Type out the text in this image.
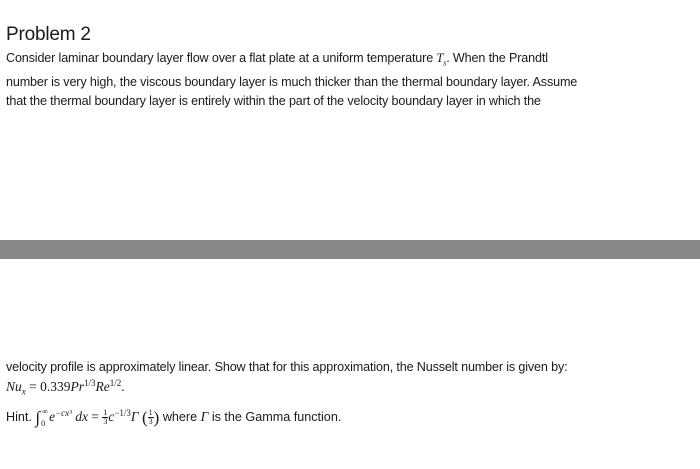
Problem 2
Consider laminar boundary layer flow over a flat plate at a uniform temperature $T_s$. When the Prandtl
number is very high, the viscous boundary layer is much thicker than the thermal boundary layer. Assume
that the thermal boundary layer is entirely within the part of the velocity boundary layer in which the
velocity profile is approximately linear. Show that for this approximation, the Nusselt number is given by:
$Nu_x = 0.339Pr^{1/3}Re^{1/2}$.
Hint. ∫ ∞
0 $e^{-cx^3}$ dx = $\frac{1}{3} c^{-1/3}\Gamma$ ( $\frac{1}{3}$ ) where Γ is the Gamma function.
